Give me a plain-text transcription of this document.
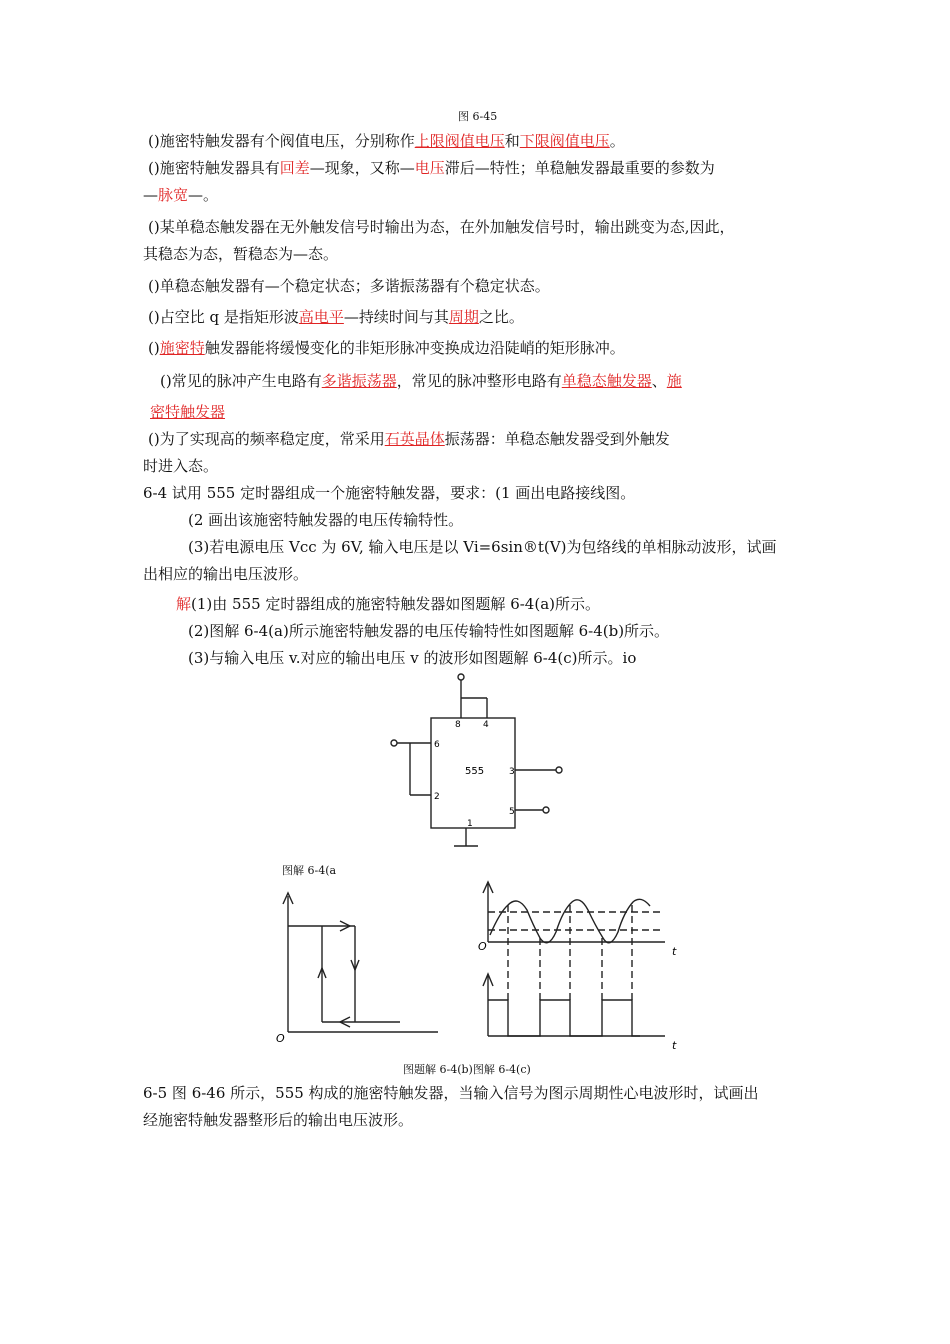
图 6-45
()施密特触发器有个阀值电压，分别称作上限阀值电压和下限阀值电压。
()施密特触发器具有回差—现象，又称—电压滞后—特性；单稳触发器最重要的参数为
—脉宽—。
()某单稳态触发器在无外触发信号时输出为态，在外加触发信号时，输出跳变为态,因此，
其稳态为态，暂稳态为—态。
()单稳态触发器有—个稳定状态；多谐振荡器有个稳定状态。
()占空比 q 是指矩形波高电平—持续时间与其周期之比。
()施密特触发器能将缓慢变化的非矩形脉冲变换成边沿陡峭的矩形脉冲。
()常见的脉冲产生电路有多谐振荡器，常见的脉冲整形电路有单稳态触发器、施
密特触发器
()为了实现高的频率稳定度，常采用石英晶体振荡器：单稳态触发器受到外触发
时进入态。
6-4 试用 555 定时器组成一个施密特触发器，要求：(1 画出电路接线图。
(2 画出该施密特触发器的电压传输特性。
(3)若电源电压 Vcc 为 6V, 输入电压是以 Vi=6sin®t(V)为包络线的单相脉动波形，试画
出相应的输出电压波形。
解(1)由 555 定时器组成的施密特触发器如图题解 6-4(a)所示。
(2)图解 6-4(a)所示施密特触发器的电压传输特性如图题解 6-4(b)所示。
(3)与输入电压 v.对应的输出电压 v 的波形如图题解 6-4(c)所示。io
8 4
6
2
3
5
1
555
O
O	t
t
图解 6-4(a
图题解 6-4(b)图解 6-4(c)
6-5 图 6-46 所示，555 构成的施密特触发器，当输入信号为图示周期性心电波形时，试画出
经施密特触发器整形后的输出电压波形。
